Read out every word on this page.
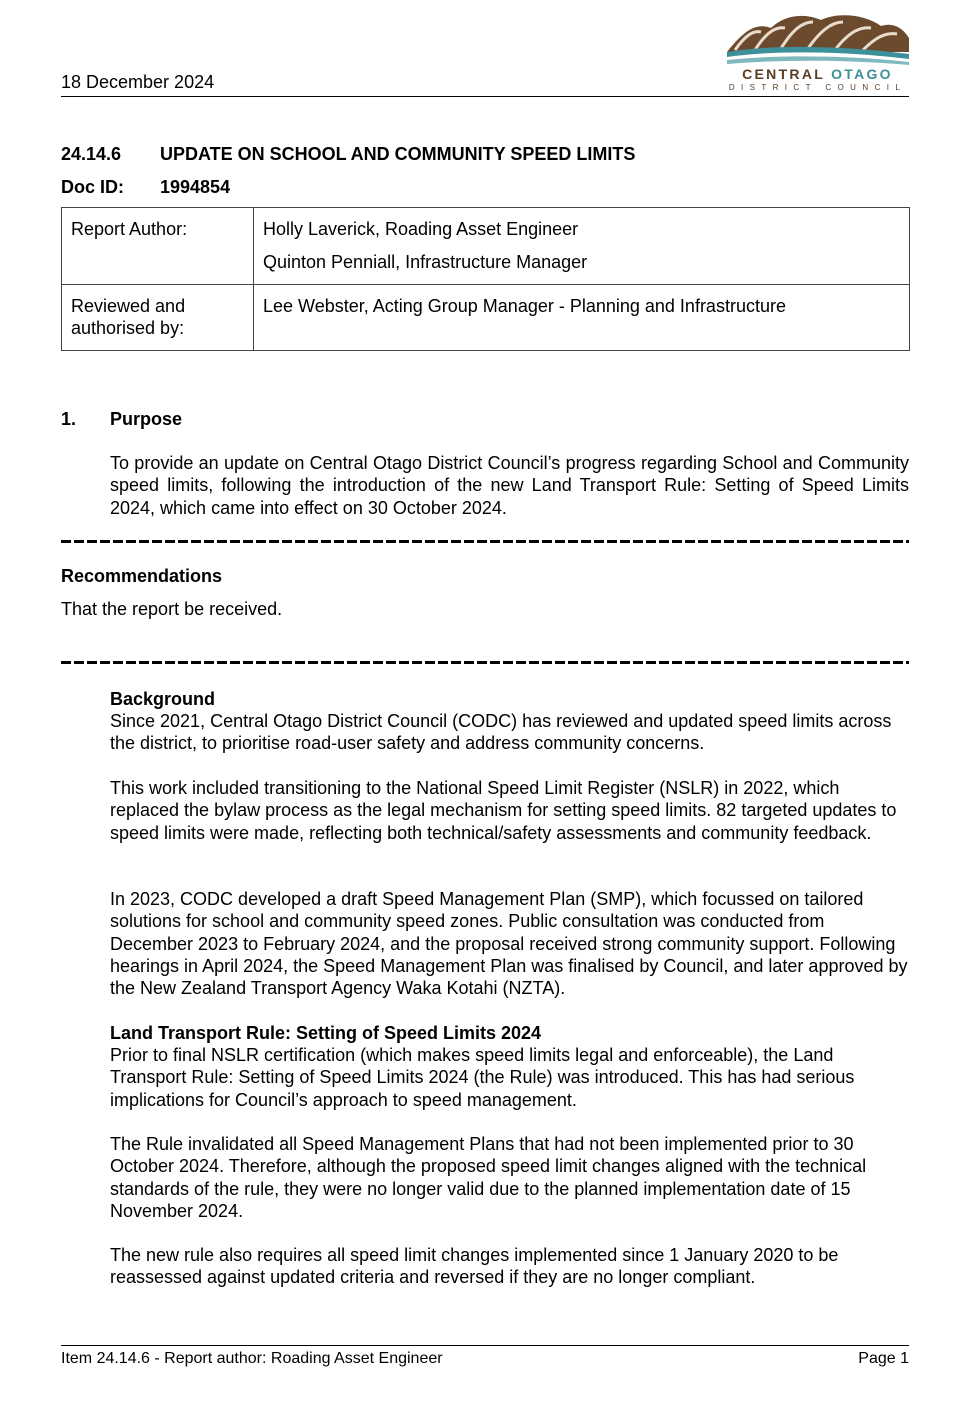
18 December 2024	CENTRAL OTAGO
DISTRICT COUNCIL
24.14.6 UPDATE ON SCHOOL AND COMMUNITY SPEED LIMITS
Doc ID: 1994854
Report Author:	Holly Laverick, Roading Asset Engineer
Quinton Penniall, Infrastructure Manager

Reviewed and authorised by:	Lee Webster, Acting Group Manager - Planning and Infrastructure
1. Purpose
To provide an update on Central Otago District Council’s progress regarding School and Community speed limits, following the introduction of the new Land Transport Rule: Setting of Speed Limits 2024, which came into effect on 30 October 2024.
Recommendations
That the report be received.
Background
Since 2021, Central Otago District Council (CODC) has reviewed and updated speed limits across the district, to prioritise road-user safety and address community concerns.
This work included transitioning to the National Speed Limit Register (NSLR) in 2022, which replaced the bylaw process as the legal mechanism for setting speed limits. 82 targeted updates to speed limits were made, reflecting both technical/safety assessments and community feedback.
In 2023, CODC developed a draft Speed Management Plan (SMP), which focussed on tailored solutions for school and community speed zones. Public consultation was conducted from December 2023 to February 2024, and the proposal received strong community support. Following hearings in April 2024, the Speed Management Plan was finalised by Council, and later approved by the New Zealand Transport Agency Waka Kotahi (NZTA).
Land Transport Rule: Setting of Speed Limits 2024
Prior to final NSLR certification (which makes speed limits legal and enforceable), the Land Transport Rule: Setting of Speed Limits 2024 (the Rule) was introduced. This has had serious implications for Council’s approach to speed management.
The Rule invalidated all Speed Management Plans that had not been implemented prior to 30 October 2024. Therefore, although the proposed speed limit changes aligned with the technical standards of the rule, they were no longer valid due to the planned implementation date of 15 November 2024.
The new rule also requires all speed limit changes implemented since 1 January 2020 to be reassessed against updated criteria and reversed if they are no longer compliant.
Item 24.14.6 - Report author: Roading Asset Engineer	Page 1
